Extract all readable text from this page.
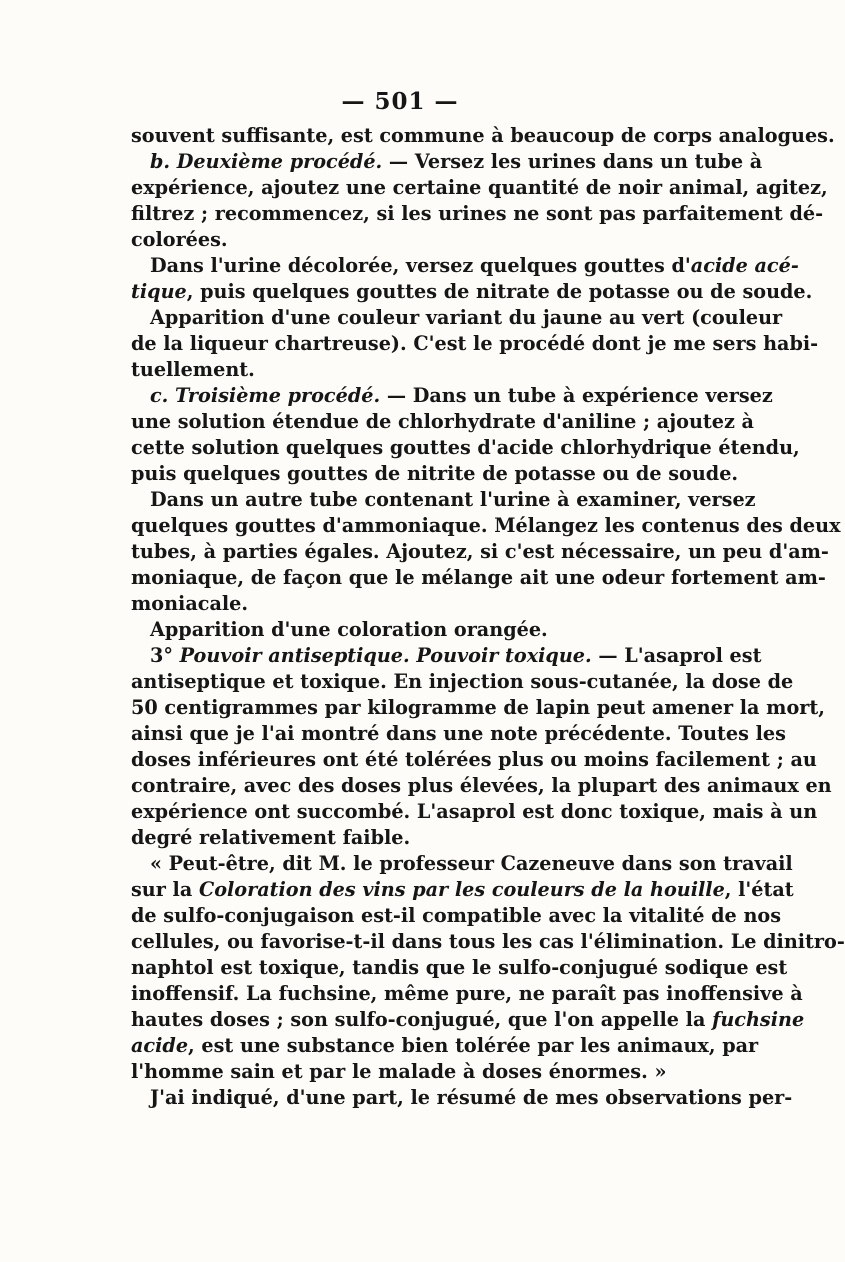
— 501 —
souvent suffisante, est commune à beaucoup de corps analogues.
b. Deuxième procédé. — Versez les urines dans un tube à
expérience, ajoutez une certaine quantité de noir animal, agitez,
filtrez ; recommencez, si les urines ne sont pas parfaitement dé-
colorées.
Dans l'urine décolorée, versez quelques gouttes d'acide acé-
tique, puis quelques gouttes de nitrate de potasse ou de soude.
Apparition d'une couleur variant du jaune au vert (couleur
de la liqueur chartreuse). C'est le procédé dont je me sers habi-
tuellement.
c. Troisième procédé. — Dans un tube à expérience versez
une solution étendue de chlorhydrate d'aniline ; ajoutez à
cette solution quelques gouttes d'acide chlorhydrique étendu,
puis quelques gouttes de nitrite de potasse ou de soude.
Dans un autre tube contenant l'urine à examiner, versez
quelques gouttes d'ammoniaque. Mélangez les contenus des deux
tubes, à parties égales. Ajoutez, si c'est nécessaire, un peu d'am-
moniaque, de façon que le mélange ait une odeur fortement am-
moniacale.
Apparition d'une coloration orangée.
3° Pouvoir antiseptique. Pouvoir toxique. — L'asaprol est
antiseptique et toxique. En injection sous-cutanée, la dose de
50 centigrammes par kilogramme de lapin peut amener la mort,
ainsi que je l'ai montré dans une note précédente. Toutes les
doses inférieures ont été tolérées plus ou moins facilement ; au
contraire, avec des doses plus élevées, la plupart des animaux en
expérience ont succombé. L'asaprol est donc toxique, mais à un
degré relativement faible.
« Peut-être, dit M. le professeur Cazeneuve dans son travail
sur la Coloration des vins par les couleurs de la houille, l'état
de sulfo-conjugaison est-il compatible avec la vitalité de nos
cellules, ou favorise-t-il dans tous les cas l'élimination. Le dinitro-
naphtol est toxique, tandis que le sulfo-conjugué sodique est
inoffensif. La fuchsine, même pure, ne paraît pas inoffensive à
hautes doses ; son sulfo-conjugué, que l'on appelle la fuchsine
acide, est une substance bien tolérée par les animaux, par
l'homme sain et par le malade à doses énormes. »
J'ai indiqué, d'une part, le résumé de mes observations per-
